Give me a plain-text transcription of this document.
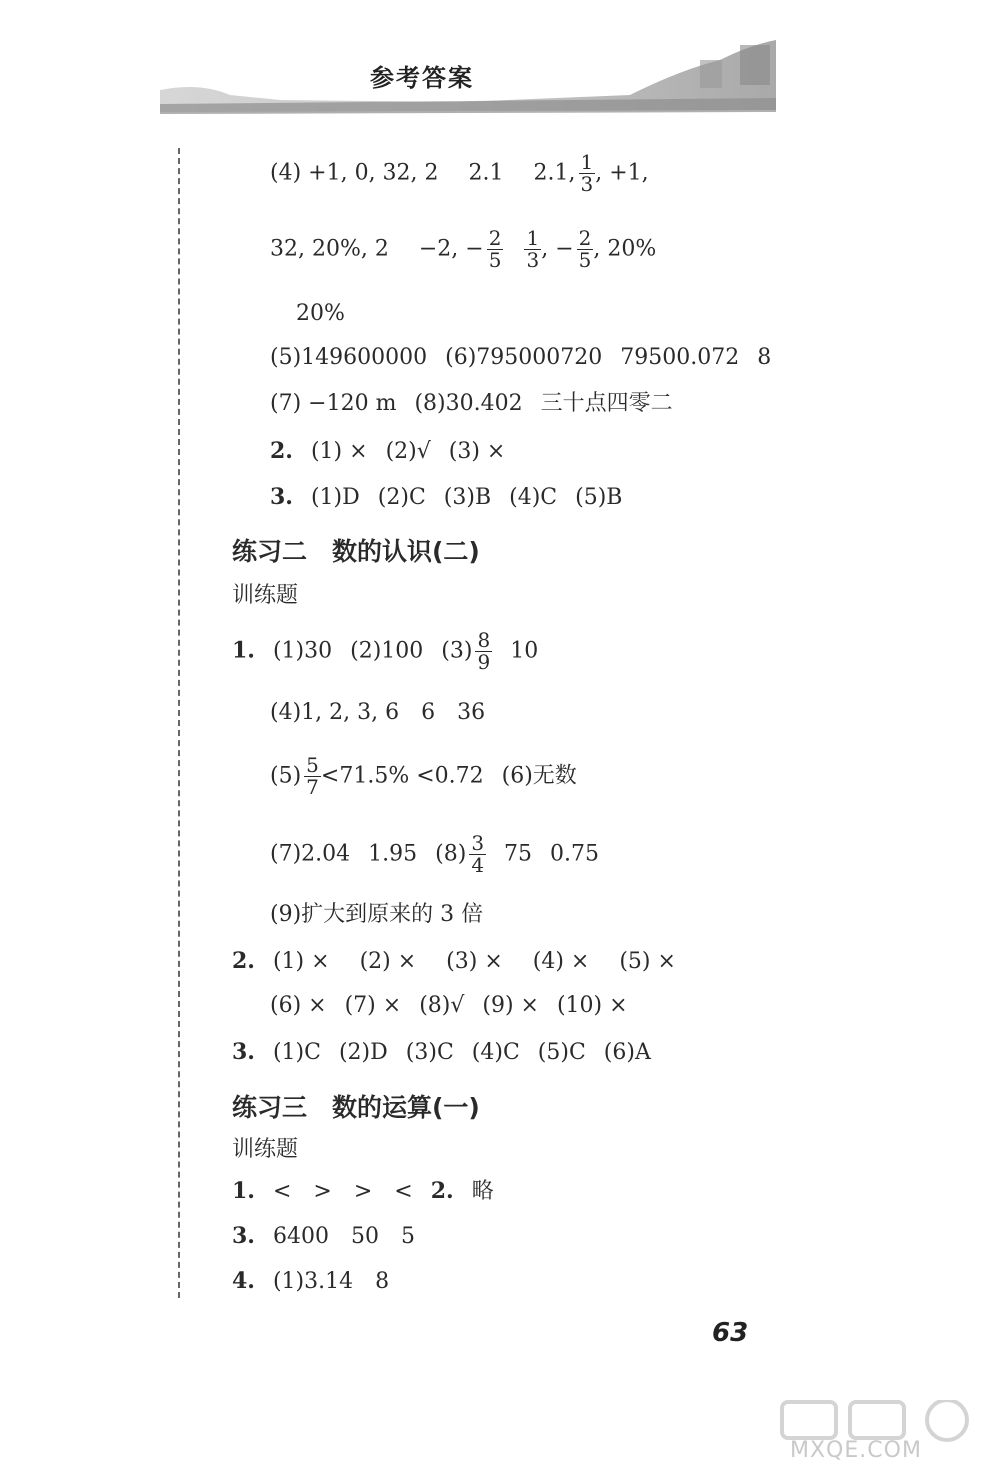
参考答案
(4) +1, 0, 32, 2 2.1 2.1, $\frac{1}{3}$ , +1,
32, 20%, 2 −2, − $\frac{2}{5} \frac{1}{3}$ , − $\frac{2}{5}$ , 20%
20%
(5)149600000 (6)795000720 79500.072 8
(7) −120 m (8)30.402 三十点四零二
2. (1) × (2)√ (3) ×
3. (1)D (2)C (3)B (4)C (5)B
练习二　数的认识(二)
训练题
1. (1)30 (2)100 $(3) \frac{8}{9} 10$
(4)1, 2, 3, 6　6　36
$(5) \frac{5}{7} <71.5\% <0.72$ (6)无数
(7)2.04 1.95 $(8) \frac{3}{4} 75$ 0.75
(9)扩大到原来的 3 倍
2. (1) × (2) × (3) × (4) × (5) ×
(6) × (7) × (8)√ (9) × (10) ×
3. (1)C (2)D (3)C (4)C (5)C (6)A
练习三　数的运算(一)
训练题
1. <　>　>　< 2. 略
3. 6400　50　5
4. (1)3.14　8
63
MXQE.COM
